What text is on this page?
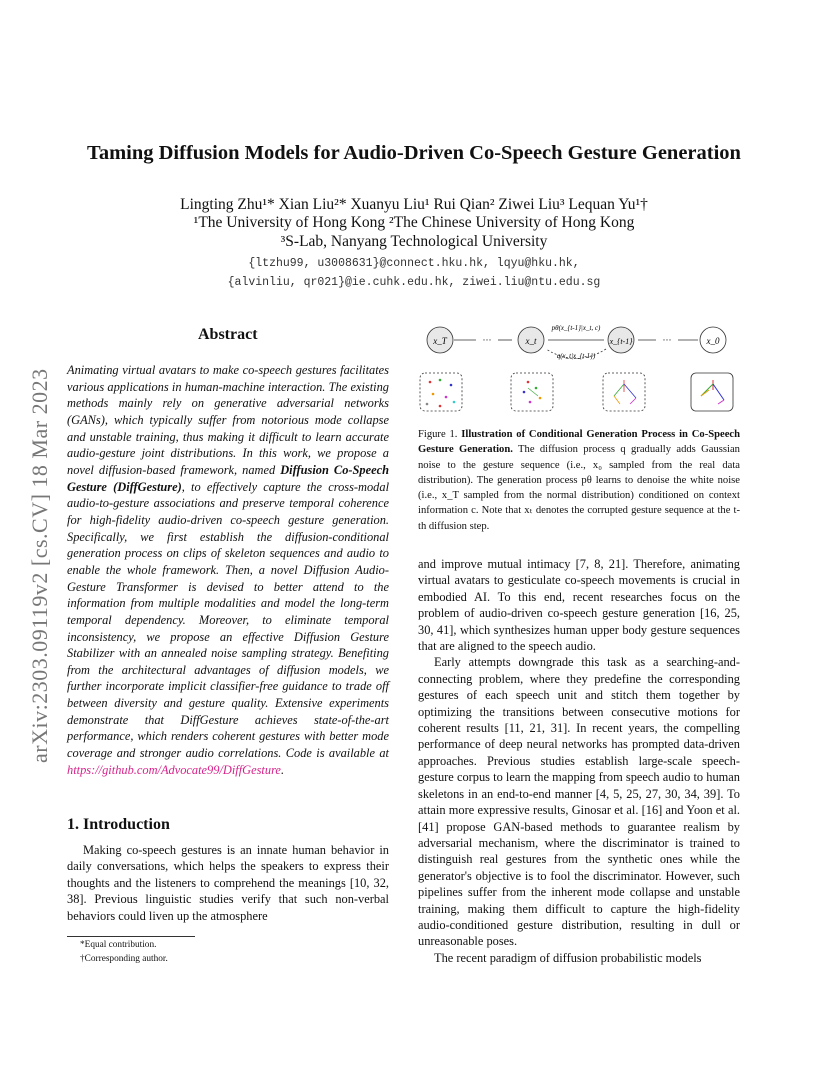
arXiv:2303.09119v2 [cs.CV] 18 Mar 2023
Taming Diffusion Models for Audio-Driven Co-Speech Gesture Generation
Lingting Zhu¹* Xian Liu²* Xuanyu Liu¹ Rui Qian² Ziwei Liu³ Lequan Yu¹†
¹The University of Hong Kong ²The Chinese University of Hong Kong
³S-Lab, Nanyang Technological University
{ltzhu99, u3008631}@connect.hku.hk, lqyu@hku.hk,
{alvinliu, qr021}@ie.cuhk.edu.hk, ziwei.liu@ntu.edu.sg
Abstract
Animating virtual avatars to make co-speech gestures facilitates various applications in human-machine interaction. The existing methods mainly rely on generative adversarial networks (GANs), which typically suffer from notorious mode collapse and unstable training, thus making it difficult to learn accurate audio-gesture joint distributions. In this work, we propose a novel diffusion-based framework, named Diffusion Co-Speech Gesture (DiffGesture), to effectively capture the cross-modal audio-to-gesture associations and preserve temporal coherence for high-fidelity audio-driven co-speech gesture generation. Specifically, we first establish the diffusion-conditional generation process on clips of skeleton sequences and audio to enable the whole framework. Then, a novel Diffusion Audio-Gesture Transformer is devised to better attend to the information from multiple modalities and model the long-term temporal dependency. Moreover, to eliminate temporal inconsistency, we propose an effective Diffusion Gesture Stabilizer with an annealed noise sampling strategy. Benefiting from the architectural advantages of diffusion models, we further incorporate implicit classifier-free guidance to trade off between diversity and gesture quality. Extensive experiments demonstrate that DiffGesture achieves state-of-the-art performance, which renders coherent gestures with better mode coverage and stronger audio correlations. Code is available at https://github.com/Advocate99/DiffGesture.
1. Introduction
Making co-speech gestures is an innate human behavior in daily conversations, which helps the speakers to express their thoughts and the listeners to comprehend the meanings [10, 32, 38]. Previous linguistic studies verify that such non-verbal behaviors could liven up the atmosphere
*Equal contribution.
†Corresponding author.
x_T	···	x_t	x_{t-1}	···	x_0
pθ(x_{t-1}|x_t, c)
q(x_t|x_{t-1})
Figure 1. Illustration of Conditional Generation Process in Co-Speech Gesture Generation. The diffusion process q gradually adds Gaussian noise to the gesture sequence (i.e., x₀ sampled from the real data distribution). The generation process pθ learns to denoise the white noise (i.e., x_T sampled from the normal distribution) conditioned on context information c. Note that xₜ denotes the corrupted gesture sequence at the t-th diffusion step.

and improve mutual intimacy [7, 8, 21]. Therefore, animating virtual avatars to gesticulate co-speech movements is crucial in embodied AI. To this end, recent researches focus on the problem of audio-driven co-speech gesture generation [16, 25, 30, 41], which synthesizes human upper body gesture sequences that are aligned to the speech audio.

Early attempts downgrade this task as a searching-and-connecting problem, where they predefine the corresponding gestures of each speech unit and stitch them together by optimizing the transitions between consecutive motions for coherent results [11, 21, 31]. In recent years, the compelling performance of deep neural networks has prompted data-driven approaches. Previous studies establish large-scale speech-gesture corpus to learn the mapping from speech audio to human skeletons in an end-to-end manner [4, 5, 25, 27, 30, 34, 39]. To attain more expressive results, Ginosar et al. [16] and Yoon et al. [41] propose GAN-based methods to guarantee realism by adversarial mechanism, where the discriminator is trained to distinguish real gestures from the synthetic ones while the generator's objective is to fool the discriminator. However, such pipelines suffer from the inherent mode collapse and unstable training, making them difficult to capture the high-fidelity audio-conditioned gesture distribution, resulting in dull or unreasonable poses.

The recent paradigm of diffusion probabilistic models
